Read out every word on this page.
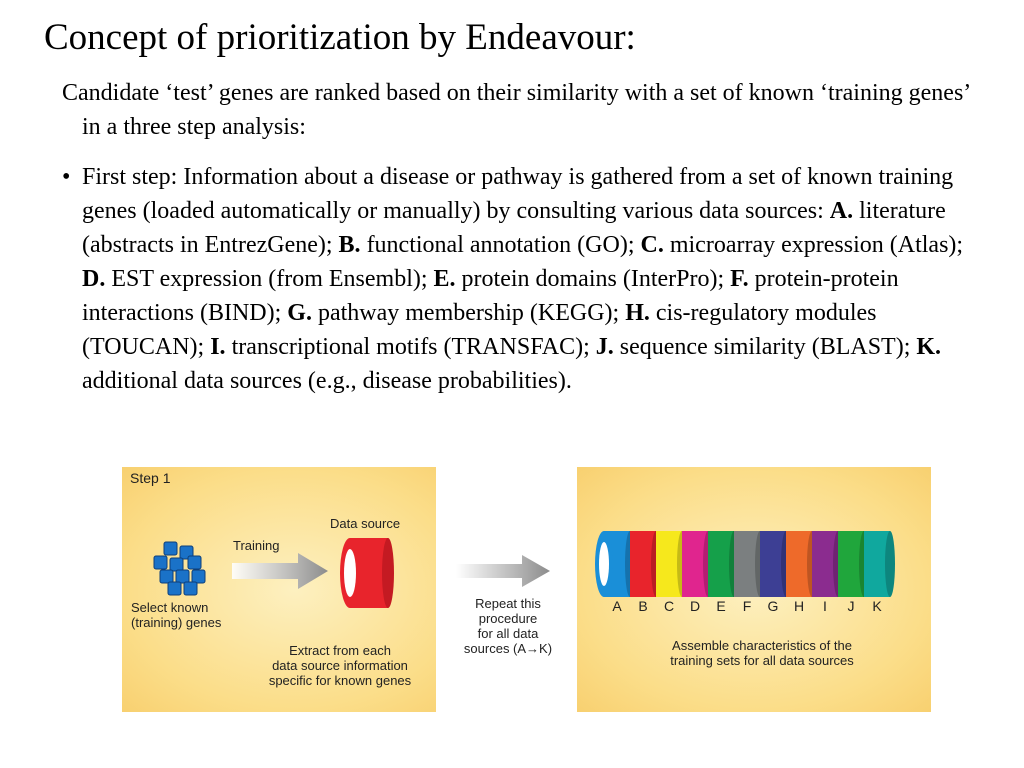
Concept of prioritization by Endeavour:
Candidate ‘test’ genes are ranked based on their similarity with a set of known ‘training genes’ in a three step analysis:
• First step: Information about a disease or pathway is gathered from a set of known training genes (loaded automatically or manually) by consulting various data sources: A. literature (abstracts in EntrezGene); B. functional annotation (GO); C. microarray expression (Atlas); D. EST expression (from Ensembl); E. protein domains (InterPro); F. protein-protein interactions (BIND); G. pathway membership (KEGG); H. cis-regulatory modules (TOUCAN); I. transcriptional motifs (TRANSFAC); J. sequence similarity (BLAST); K. additional data sources (e.g., disease probabilities).
Step 1
Training
Data source
Select known
(training) genes
Extract from each
data source information
specific for known genes
Repeat this
procedure
for all data
sources (A→K)
A	B	C	D	E	F	G	H	I	J	K
Assemble characteristics of the
training sets for all data sources
